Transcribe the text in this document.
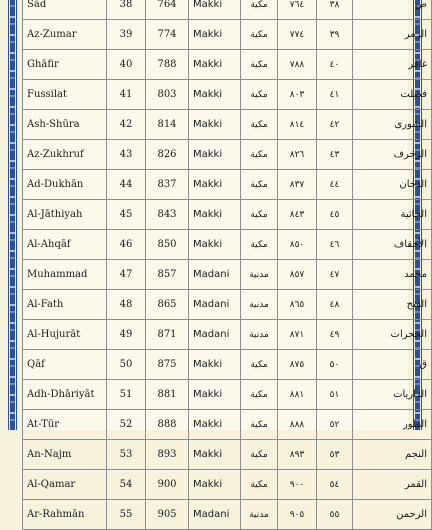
Sād	38	764	Makki	مكية	٧٦٤	٣٨	ص
Az-Zumar	39	774	Makki	مكية	٧٧٤	٣٩	الزمر
Ghāfir	40	788	Makki	مكية	٧٨٨	٤٠	غافر
Fussilat	41	803	Makki	مكية	٨٠٣	٤١	فصلت
Ash-Shūra	42	814	Makki	مكية	٨١٤	٤٢	الشورى
Az-Zukhruf	43	826	Makki	مكية	٨٢٦	٤٣	الزخرف
Ad-Dukhān	44	837	Makki	مكية	٨٣٧	٤٤	الدخان
Al-Jāthiyah	45	843	Makki	مكية	٨٤٣	٤٥	الجاثية
Al-Ahqāf	46	850	Makki	مكية	٨٥٠	٤٦	الأحقاف
Muhammad	47	857	Madani	مدنية	٨٥٧	٤٧	محمد
Al-Fath	48	865	Madani	مدنية	٨٦٥	٤٨	الفتح
Al-Hujurāt	49	871	Madani	مدنية	٨٧١	٤٩	الحجرات
Qāf	50	875	Makki	مكية	٨٧٥	٥٠	ق
Adh-Dhāriyāt	51	881	Makki	مكية	٨٨١	٥١	الذاريات
At-Tūr	52	888	Makki	مكية	٨٨٨	٥٢	الطور
An-Najm	53	893	Makki	مكية	٨٩٣	٥٣	النجم
Al-Qamar	54	900	Makki	مكية	٩٠٠	٥٤	القمر
Ar-Rahmān	55	905	Madani	مدنية	٩٠٥	٥٥	الرحمن
